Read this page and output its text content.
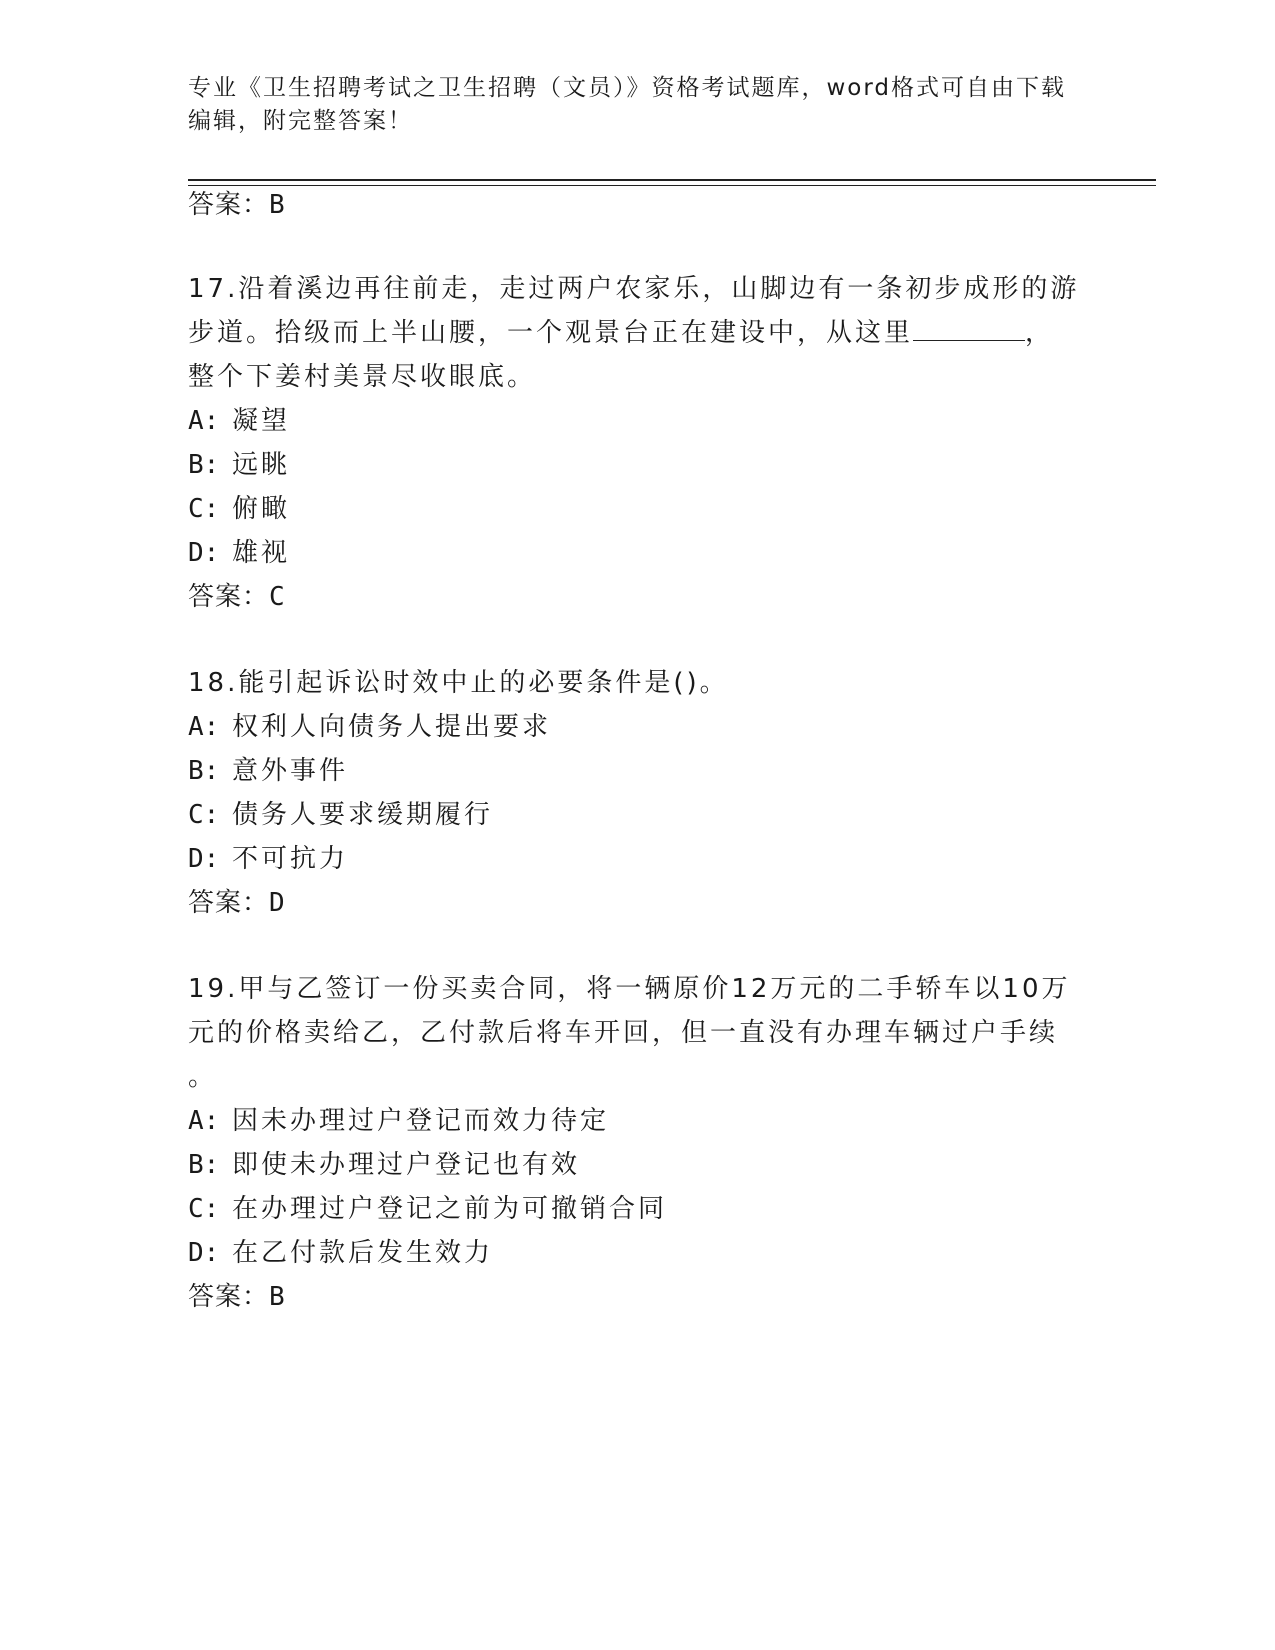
专业《卫生招聘考试之卫生招聘（文员）》资格考试题库，word格式可自由下载
编辑，附完整答案！
答案：B
17.沿着溪边再往前走，走过两户农家乐，山脚边有一条初步成形的游
步道。拾级而上半山腰，一个观景台正在建设中，从这里	，
整个下姜村美景尽收眼底。
A: 凝望
B: 远眺
C: 俯瞰
D: 雄视
答案：C
18.能引起诉讼时效中止的必要条件是()。
A: 权利人向债务人提出要求
B: 意外事件
C: 债务人要求缓期履行
D: 不可抗力
答案：D
19.甲与乙签订一份买卖合同，将一辆原价12万元的二手轿车以10万
元的价格卖给乙，乙付款后将车开回，但一直没有办理车辆过户手续
。
A: 因未办理过户登记而效力待定
B: 即使未办理过户登记也有效
C: 在办理过户登记之前为可撤销合同
D: 在乙付款后发生效力
答案：B
